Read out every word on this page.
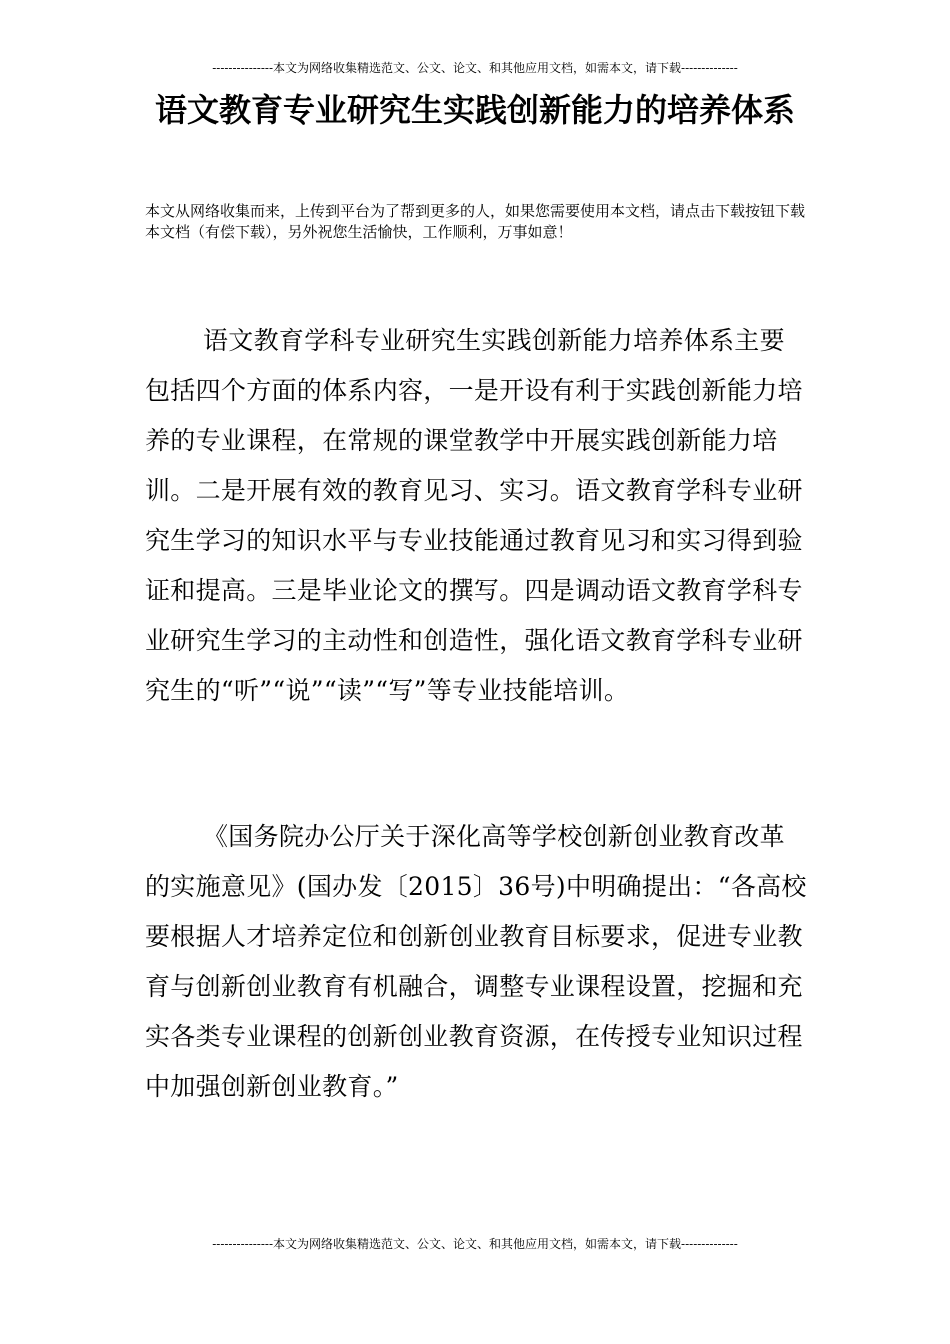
---------------本文为网络收集精选范文、公文、论文、和其他应用文档，如需本文，请下载--------------
语文教育专业研究生实践创新能力的培养体系

本文从网络收集而来，上传到平台为了帮到更多的人，如果您需要使用本文档，请点击下载按钮下载本文档（有偿下载），另外祝您生活愉快，工作顺利，万事如意！

语文教育学科专业研究生实践创新能力培养体系主要包括四个方面的体系内容，一是开设有利于实践创新能力培养的专业课程，在常规的课堂教学中开展实践创新能力培训。二是开展有效的教育见习、实习。语文教育学科专业研究生学习的知识水平与专业技能通过教育见习和实习得到验证和提高。三是毕业论文的撰写。四是调动语文教育学科专业研究生学习的主动性和创造性，强化语文教育学科专业研究生的“听”“说”“读”“写”等专业技能培训。

《国务院办公厅关于深化高等学校创新创业教育改革的实施意见》(国办发〔2015〕36号)中明确提出：“各高校要根据人才培养定位和创新创业教育目标要求，促进专业教育与创新创业教育有机融合，调整专业课程设置，挖掘和充实各类专业课程的创新创业教育资源，在传授专业知识过程中加强创新创业教育。”

---------------本文为网络收集精选范文、公文、论文、和其他应用文档，如需本文，请下载--------------
